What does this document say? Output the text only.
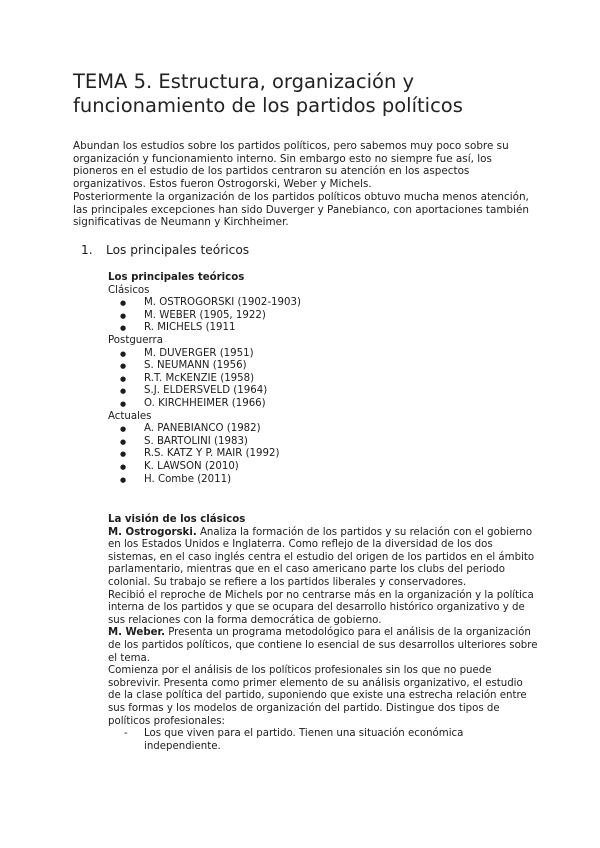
TEMA 5. Estructura, organización y funcionamiento de los partidos políticos

Abundan los estudios sobre los partidos políticos, pero sabemos muy poco sobre su organización y funcionamiento interno. Sin embargo esto no siempre fue así, los pioneros en el estudio de los partidos centraron su atención en los aspectos organizativos. Estos fueron Ostrogorski, Weber y Michels.

Posteriormente la organización de los partidos políticos obtuvo mucha menos atención, las principales excepciones han sido Duverger y Panebianco, con aportaciones también significativas de Neumann y Kirchheimer.

1. Los principales teóricos

Los principales teóricos

Clásicos

● M. OSTROGORSKI (1902-1903)
● M. WEBER (1905, 1922)
● R. MICHELS (1911

Postguerra

● M. DUVERGER (1951)
● S. NEUMANN (1956)
● R.T. McKENZIE (1958)
● S.J. ELDERSVELD (1964)
● O. KIRCHHEIMER (1966)

Actuales

● A. PANEBIANCO (1982)
● S. BARTOLINI (1983)
● R.S. KATZ Y P. MAIR (1992)
● K. LAWSON (2010)
● H. Combe (2011)

La visión de los clásicos

M. Ostrogorski. Analiza la formación de los partidos y su relación con el gobierno en los Estados Unidos e Inglaterra. Como reflejo de la diversidad de los dos sistemas, en el caso inglés centra el estudio del origen de los partidos en el ámbito parlamentario, mientras que en el caso americano parte los clubs del periodo colonial. Su trabajo se refiere a los partidos liberales y conservadores.

Recibió el reproche de Michels por no centrarse más en la organización y la política interna de los partidos y que se ocupara del desarrollo histórico organizativo y de sus relaciones con la forma democrática de gobierno.

M. Weber. Presenta un programa metodológico para el análisis de la organización de los partidos políticos, que contiene lo esencial de sus desarrollos ulteriores sobre el tema.

Comienza por el análisis de los políticos profesionales sin los que no puede sobrevivir. Presenta como primer elemento de su análisis organizativo, el estudio de la clase política del partido, suponiendo que existe una estrecha relación entre sus formas y los modelos de organización del partido. Distingue dos tipos de políticos profesionales:

- Los que viven para el partido. Tienen una situación económica independiente.
